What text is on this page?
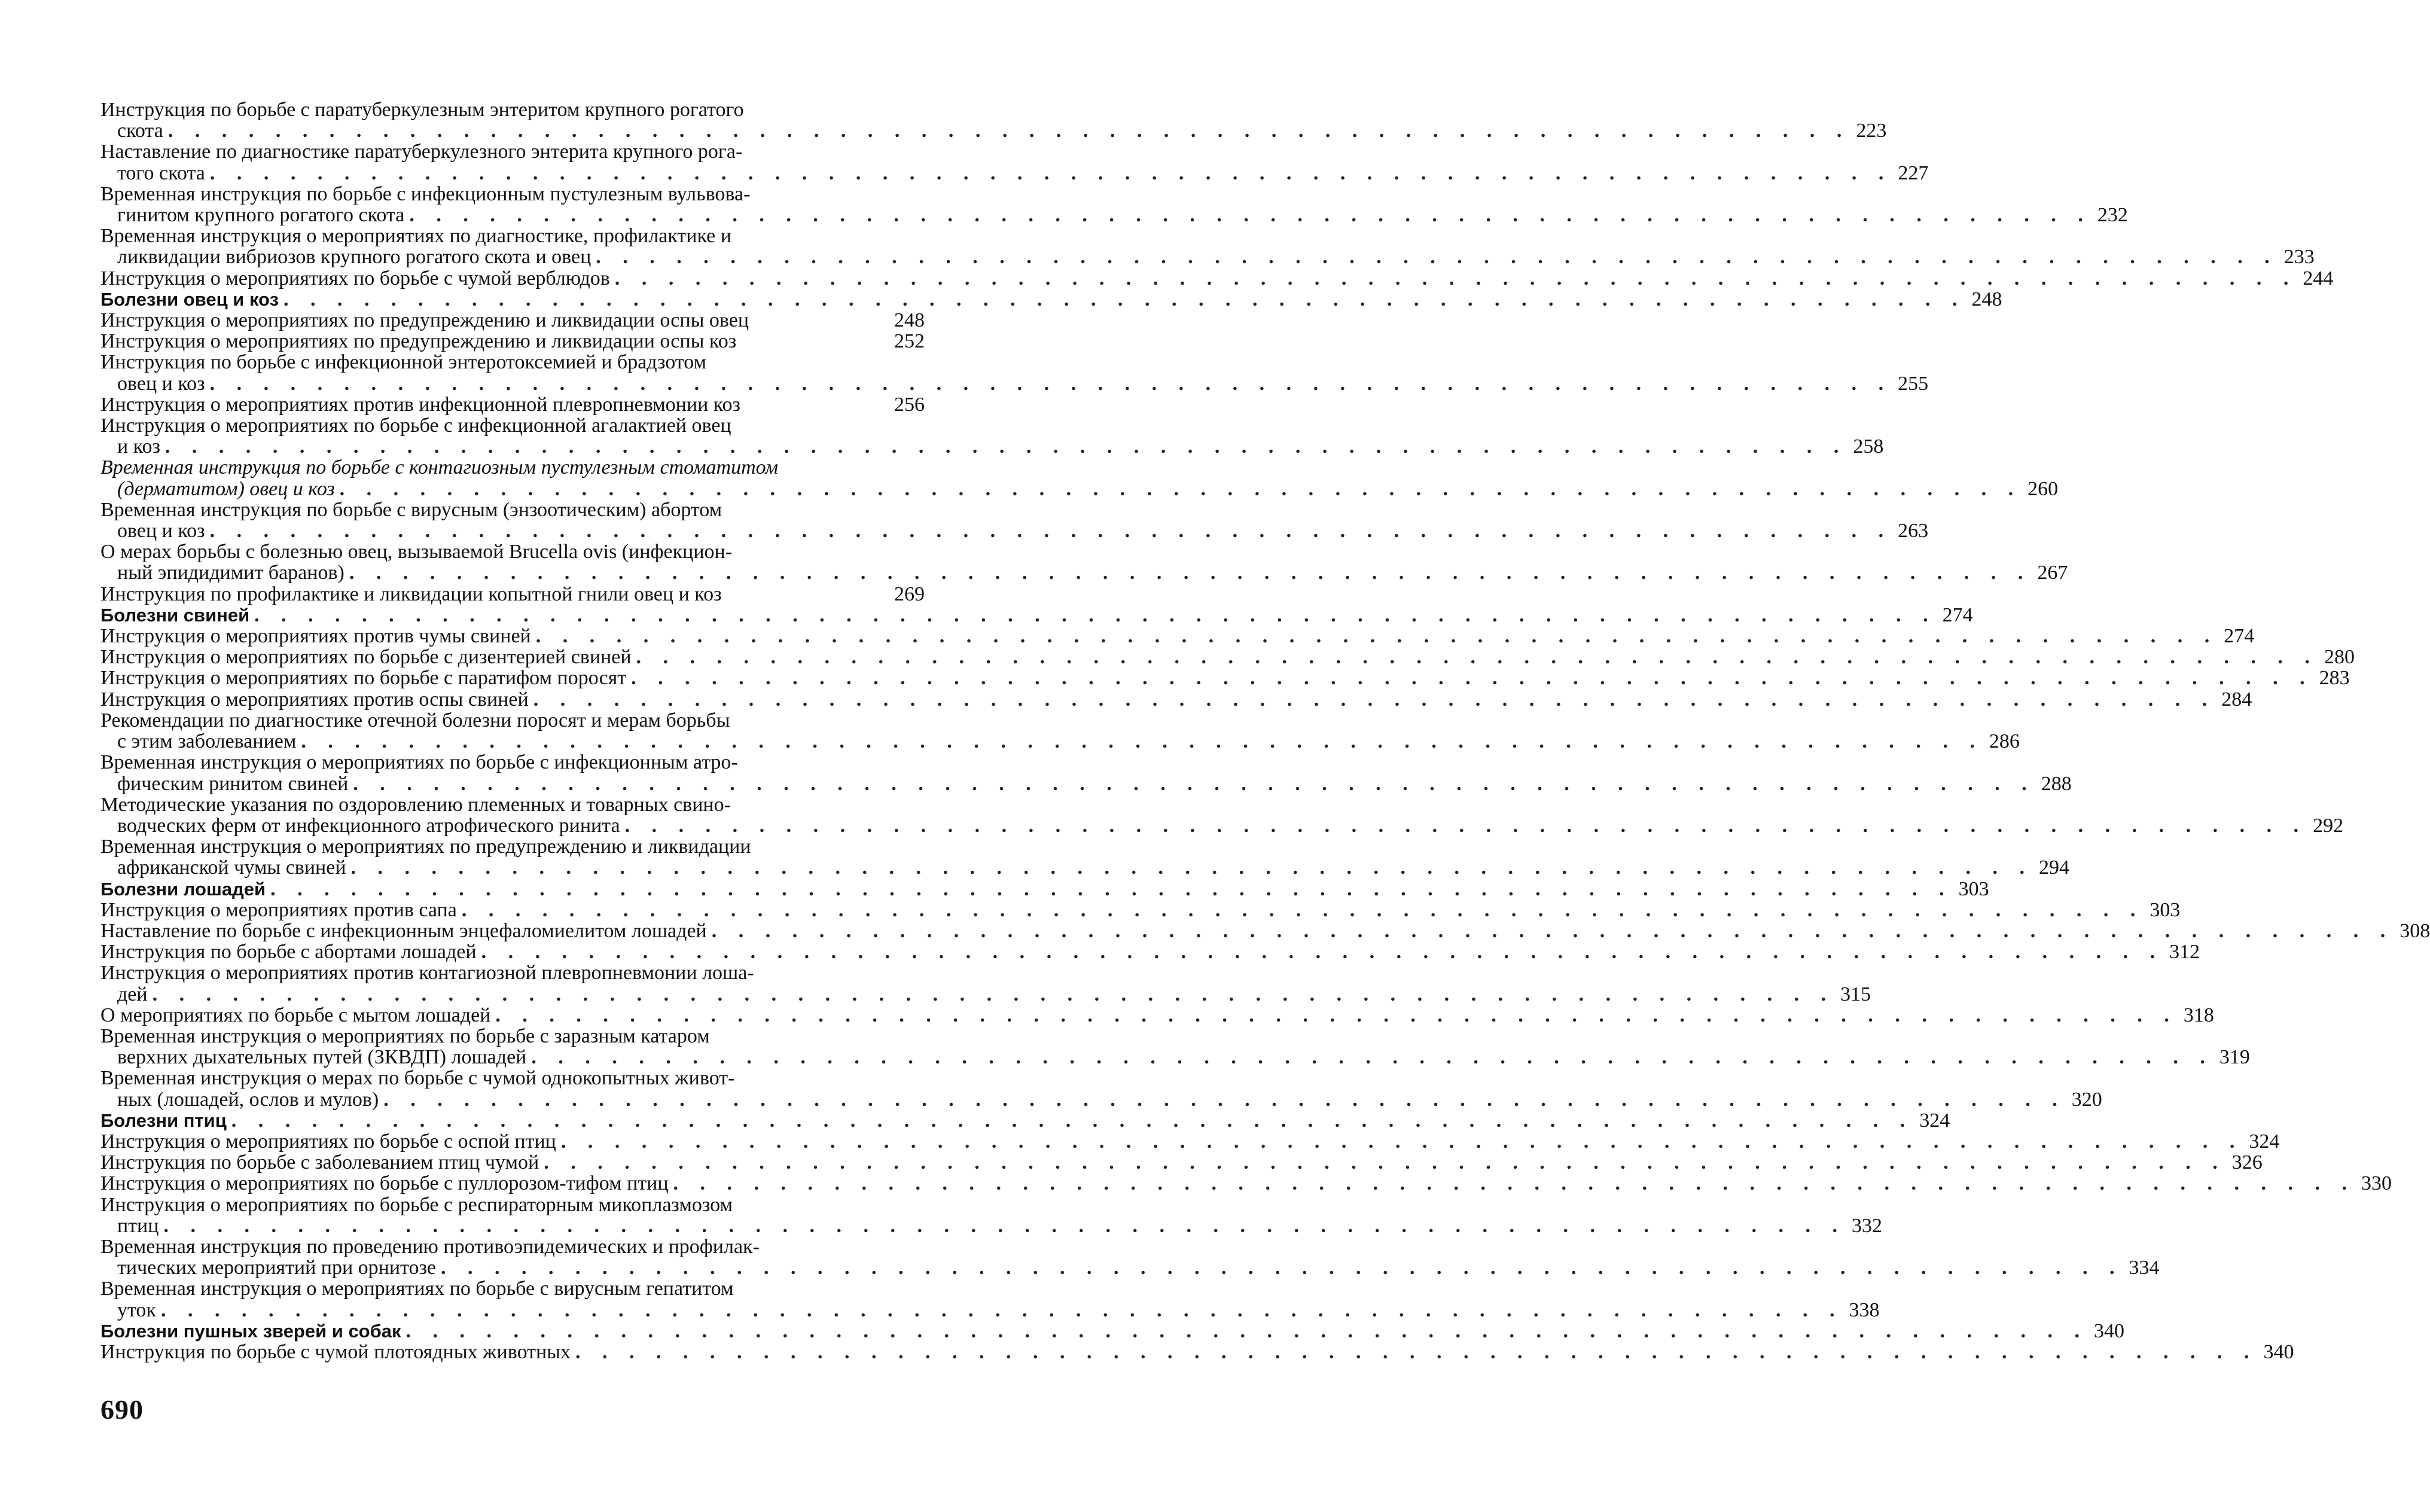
Инструкция по борьбе с паратуберкулезным энтеритом крупного рогатого
скота . . . . . . . . . . . . . . . . . . . . . . . . . . . . . . . . . . . . . . . . . . . . . . . . . . . . . . . . . . . . . . . 223
Наставление по диагностике паратуберкулезного энтерита крупного рога-
того скота . . . . . . . . . . . . . . . . . . . . . . . . . . . . . . . . . . . . . . . . . . . . . . . . . . . . . . . . . . . . . . . 227
Временная инструкция по борьбе с инфекционным пустулезным вульвова-
гинитом крупного рогатого скота . . . . . . . . . . . . . . . . . . . . . . . . . . . . . . . . . . . . . . . . . . . . . . . . . . . . . . . . . . . . . . . 232
Временная инструкция о мероприятиях по диагностике, профилактике и
ликвидации вибриозов крупного рогатого скота и овец . . . . . . . . . . . . . . . . . . . . . . . . . . . . . . . . . . . . . . . . . . . . . . . . . . . . . . . . . . . . . . . 233
Инструкция о мероприятиях по борьбе с чумой верблюдов . . . . . . . . . . . . . . . . . . . . . . . . . . . . . . . . . . . . . . . . . . . . . . . . . . . . . . . . . . . . . . . 244
Болезни овец и коз . . . . . . . . . . . . . . . . . . . . . . . . . . . . . . . . . . . . . . . . . . . . . . . . . . . . . . . . . . . . . . . 248
Инструкция о мероприятиях по предупреждению и ликвидации оспы овец	248
Инструкция о мероприятиях по предупреждению и ликвидации оспы коз	252
Инструкция по борьбе с инфекционной энтеротоксемией и брадзотом
овец и коз . . . . . . . . . . . . . . . . . . . . . . . . . . . . . . . . . . . . . . . . . . . . . . . . . . . . . . . . . . . . . . . 255
Инструкция о мероприятиях против инфекционной плевропневмонии коз	256
Инструкция о мероприятиях по борьбе с инфекционной агалактией овец
и коз . . . . . . . . . . . . . . . . . . . . . . . . . . . . . . . . . . . . . . . . . . . . . . . . . . . . . . . . . . . . . . . 258
Временная инструкция по борьбе с контагиозным пустулезным стоматитом
(дерматитом) овец и коз . . . . . . . . . . . . . . . . . . . . . . . . . . . . . . . . . . . . . . . . . . . . . . . . . . . . . . . . . . . . . . . 260
Временная инструкция по борьбе с вирусным (энзоотическим) абортом
овец и коз . . . . . . . . . . . . . . . . . . . . . . . . . . . . . . . . . . . . . . . . . . . . . . . . . . . . . . . . . . . . . . . 263
О мерах борьбы с болезнью овец, вызываемой Brucella ovis (инфекцион-
ный эпидидимит баранов) . . . . . . . . . . . . . . . . . . . . . . . . . . . . . . . . . . . . . . . . . . . . . . . . . . . . . . . . . . . . . . . 267
Инструкция по профилактике и ликвидации копытной гнили овец и коз	269
Болезни свиней . . . . . . . . . . . . . . . . . . . . . . . . . . . . . . . . . . . . . . . . . . . . . . . . . . . . . . . . . . . . . . . 274
Инструкция о мероприятиях против чумы свиней . . . . . . . . . . . . . . . . . . . . . . . . . . . . . . . . . . . . . . . . . . . . . . . . . . . . . . . . . . . . . . . 274
Инструкция о мероприятиях по борьбе с дизентерией свиней . . . . . . . . . . . . . . . . . . . . . . . . . . . . . . . . . . . . . . . . . . . . . . . . . . . . . . . . . . . . . . . 280
Инструкция о мероприятиях по борьбе с паратифом поросят . . . . . . . . . . . . . . . . . . . . . . . . . . . . . . . . . . . . . . . . . . . . . . . . . . . . . . . . . . . . . . . 283
Инструкция о мероприятиях против оспы свиней . . . . . . . . . . . . . . . . . . . . . . . . . . . . . . . . . . . . . . . . . . . . . . . . . . . . . . . . . . . . . . . 284
Рекомендации по диагностике отечной болезни поросят и мерам борьбы
с этим заболеванием . . . . . . . . . . . . . . . . . . . . . . . . . . . . . . . . . . . . . . . . . . . . . . . . . . . . . . . . . . . . . . . 286
Временная инструкция о мероприятиях по борьбе с инфекционным атро-
фическим ринитом свиней . . . . . . . . . . . . . . . . . . . . . . . . . . . . . . . . . . . . . . . . . . . . . . . . . . . . . . . . . . . . . . . 288
Методические указания по оздоровлению племенных и товарных свино-
водческих ферм от инфекционного атрофического ринита . . . . . . . . . . . . . . . . . . . . . . . . . . . . . . . . . . . . . . . . . . . . . . . . . . . . . . . . . . . . . . . 292
Временная инструкция о мероприятиях по предупреждению и ликвидации
африканской чумы свиней . . . . . . . . . . . . . . . . . . . . . . . . . . . . . . . . . . . . . . . . . . . . . . . . . . . . . . . . . . . . . . . 294
Болезни лошадей . . . . . . . . . . . . . . . . . . . . . . . . . . . . . . . . . . . . . . . . . . . . . . . . . . . . . . . . . . . . . . . 303
Инструкция о мероприятиях против сапа . . . . . . . . . . . . . . . . . . . . . . . . . . . . . . . . . . . . . . . . . . . . . . . . . . . . . . . . . . . . . . . 303
Наставление по борьбе с инфекционным энцефаломиелитом лошадей . . . . . . . . . . . . . . . . . . . . . . . . . . . . . . . . . . . . . . . . . . . . . . . . . . . . . . . . . . . . . . . 308
Инструкция по борьбе с абортами лошадей . . . . . . . . . . . . . . . . . . . . . . . . . . . . . . . . . . . . . . . . . . . . . . . . . . . . . . . . . . . . . . . 312
Инструкция о мероприятиях против контагиозной плевропневмонии лоша-
дей . . . . . . . . . . . . . . . . . . . . . . . . . . . . . . . . . . . . . . . . . . . . . . . . . . . . . . . . . . . . . . . 315
О мероприятиях по борьбе с мытом лошадей . . . . . . . . . . . . . . . . . . . . . . . . . . . . . . . . . . . . . . . . . . . . . . . . . . . . . . . . . . . . . . . 318
Временная инструкция о мероприятиях по борьбе с заразным катаром
верхних дыхательных путей (ЗКВДП) лошадей . . . . . . . . . . . . . . . . . . . . . . . . . . . . . . . . . . . . . . . . . . . . . . . . . . . . . . . . . . . . . . . 319
Временная инструкция о мерах по борьбе с чумой однокопытных живот-
ных (лошадей, ослов и мулов) . . . . . . . . . . . . . . . . . . . . . . . . . . . . . . . . . . . . . . . . . . . . . . . . . . . . . . . . . . . . . . . 320
Болезни птиц . . . . . . . . . . . . . . . . . . . . . . . . . . . . . . . . . . . . . . . . . . . . . . . . . . . . . . . . . . . . . . . 324
Инструкция о мероприятиях по борьбе с оспой птиц . . . . . . . . . . . . . . . . . . . . . . . . . . . . . . . . . . . . . . . . . . . . . . . . . . . . . . . . . . . . . . . 324
Инструкция по борьбе с заболеванием птиц чумой . . . . . . . . . . . . . . . . . . . . . . . . . . . . . . . . . . . . . . . . . . . . . . . . . . . . . . . . . . . . . . . 326
Инструкция о мероприятиях по борьбе с пуллорозом-тифом птиц . . . . . . . . . . . . . . . . . . . . . . . . . . . . . . . . . . . . . . . . . . . . . . . . . . . . . . . . . . . . . . . 330
Инструкция о мероприятиях по борьбе с респираторным микоплазмозом
птиц . . . . . . . . . . . . . . . . . . . . . . . . . . . . . . . . . . . . . . . . . . . . . . . . . . . . . . . . . . . . . . . 332
Временная инструкция по проведению противоэпидемических и профилак-
тических мероприятий при орнитозе . . . . . . . . . . . . . . . . . . . . . . . . . . . . . . . . . . . . . . . . . . . . . . . . . . . . . . . . . . . . . . . 334
Временная инструкция о мероприятиях по борьбе с вирусным гепатитом
уток . . . . . . . . . . . . . . . . . . . . . . . . . . . . . . . . . . . . . . . . . . . . . . . . . . . . . . . . . . . . . . . 338
Болезни пушных зверей и собак . . . . . . . . . . . . . . . . . . . . . . . . . . . . . . . . . . . . . . . . . . . . . . . . . . . . . . . . . . . . . . . 340
Инструкция по борьбе с чумой плотоядных животных . . . . . . . . . . . . . . . . . . . . . . . . . . . . . . . . . . . . . . . . . . . . . . . . . . . . . . . . . . . . . . . 340
690
